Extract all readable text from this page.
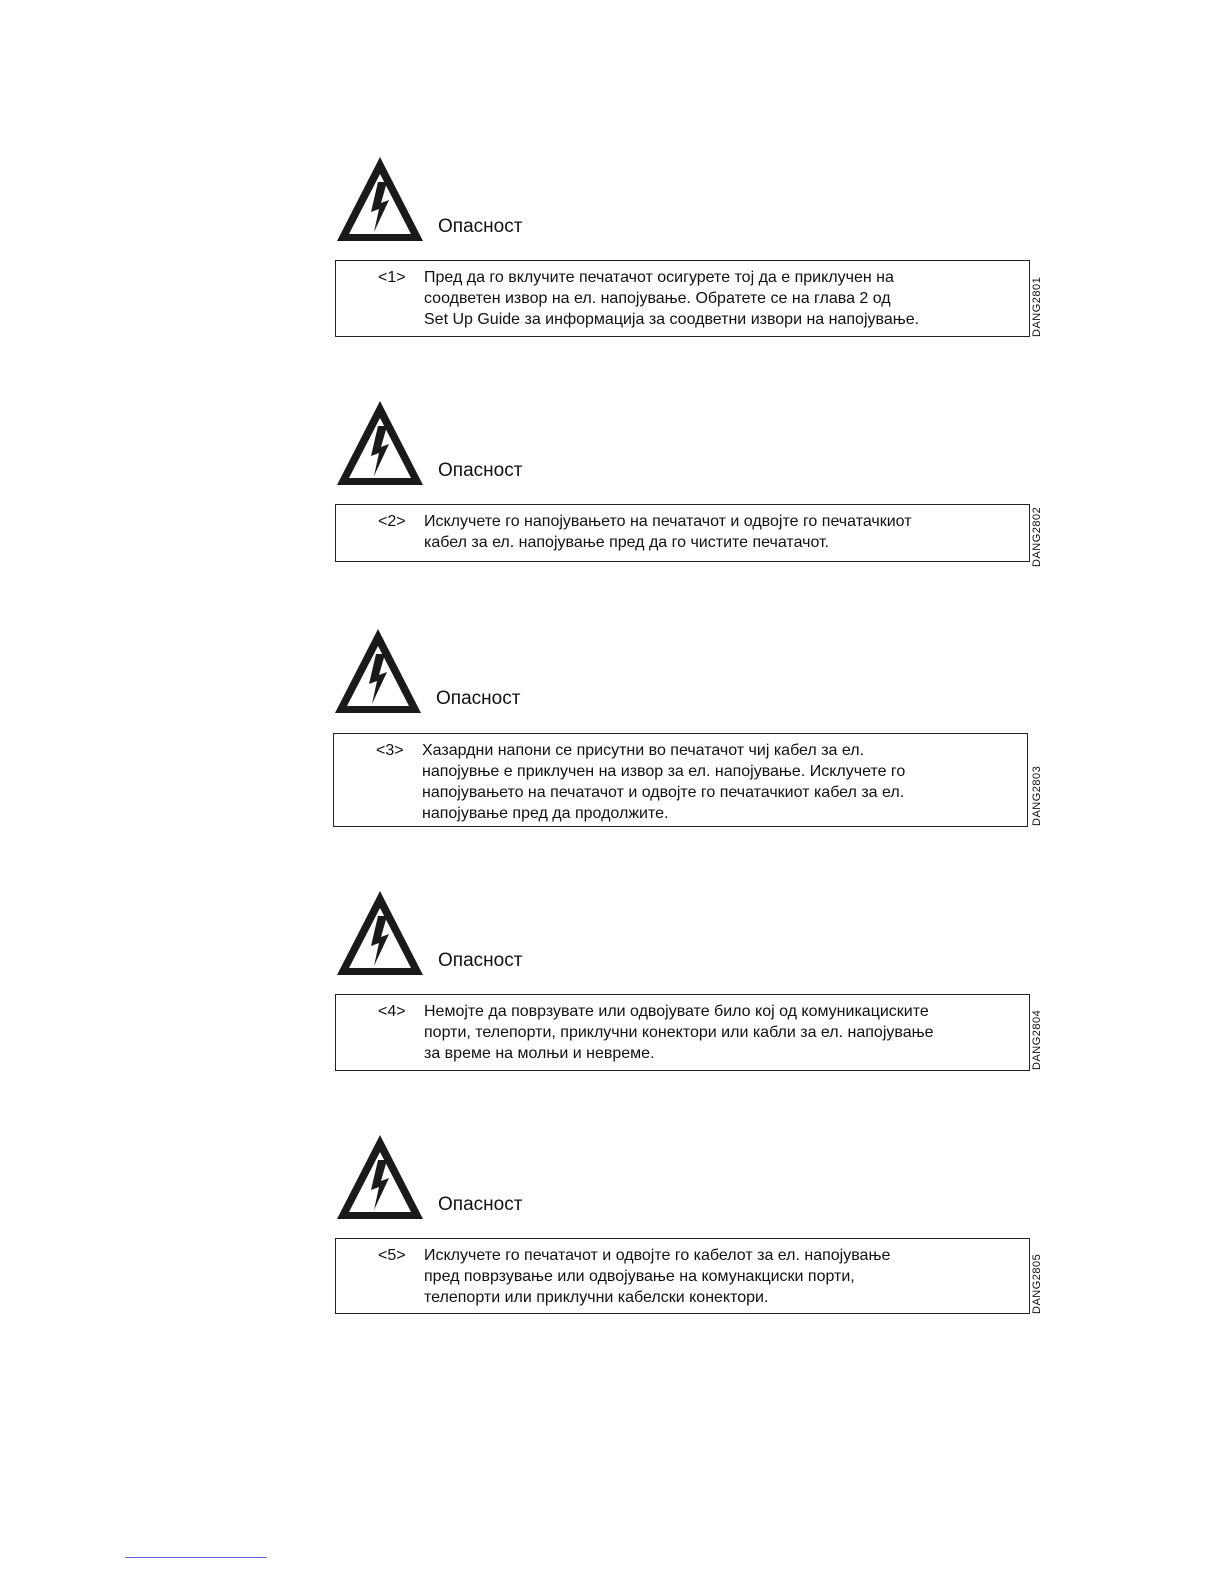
Опасност
<1> Пред да го вклучите печатачот осигурете тој да е приклучен на
соодветен извор на ел. напојување. Обратете се на глава 2 од
Set Up Guide за информација за соодветни извори на напојување.	DANG2801
Опасност
<2> Исклучете го напојувањето на печатачот и одвојте го печатачкиот
кабел за ел. напојување пред да го чистите печатачот.	DANG2802
Опасност
<3> Хазардни напони се присутни во печатачот чиј кабел за ел.
напојувње е приклучен на извор за ел. напојување. Исклучете го
напојувањето на печатачот и одвојте го печатачкиот кабел за ел.
напојување пред да продолжите.	DANG2803
Опасност
<4> Немојте да поврзувате или одвојувате било кој од комуникациските
порти, телепорти, приклучни конектори или кабли за ел. напојување
за време на молњи и невреме.	DANG2804
Опасност
<5> Исклучете го печатачот и одвојте го кабелот за ел. напојување
пред поврзување или одвојување на комунакциски порти,
телепорти или приклучни кабелски конектори.	DANG2805
